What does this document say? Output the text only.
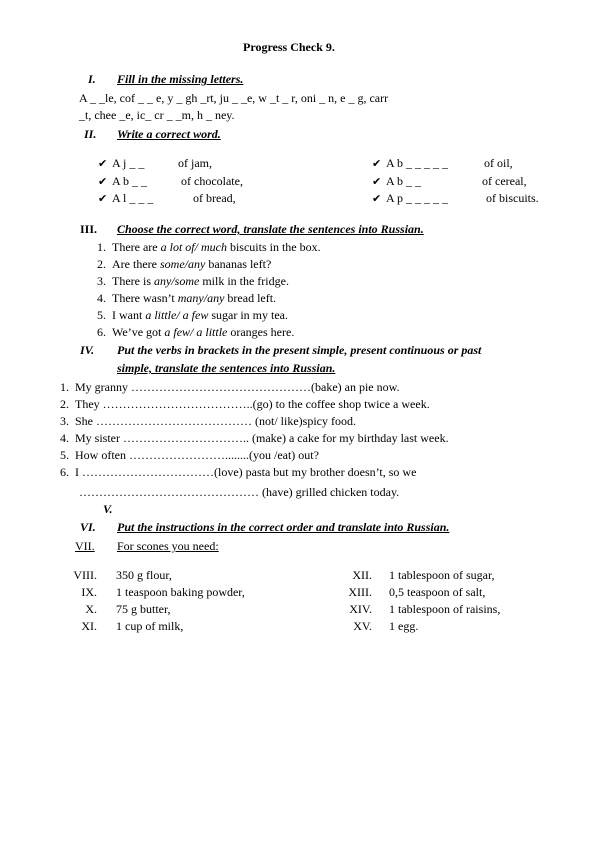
Progress Check 9.
I. Fill in the missing letters.
A _ _le, cof _ _ e, y _ gh _rt, ju _ _e, w _t _ r, oni _ n, e _ g, carr
_t, chee _e, ic_ cr _ _m, h _ ney.
II. Write a correct word.
✔ A j _ _	of jam,
✔ A b _ _	of chocolate,
✔ A l _ _ _	of bread,
✔ A b _ _ _ _ _	of oil,
✔ A b _ _	of cereal,
✔ A p _ _ _ _ _	of biscuits.
III. Choose the correct word, translate the sentences into Russian.
1. There are a lot of/ much biscuits in the box.
2. Are there some/any bananas left?
3. There is any/some milk in the fridge.
4. There wasn’t many/any bread left.
5. I want a little/ a few sugar in my tea.
6. We’ve got a few/ a little oranges here.
IV. Put the verbs in brackets in the present simple, present continuous or past
simple, translate the sentences into Russian.
1. My granny ………………………………………(bake) an pie now.
2. They ………………………………..(go) to the coffee shop twice a week.
3. She ………………………………… (not/ like)spicy food.
4. My sister ………………………….. (make) a cake for my birthday last week.
5. How often ……………………........(you /eat) out?
6. I ……………………………(love) pasta but my brother doesn’t, so we
……………………………………… (have) grilled chicken today.
V.
VI. Put the instructions in the correct order and translate into Russian.
VII. For scones you need:
VIII. 350 g flour,
IX. 1 teaspoon baking powder,
X. 75 g butter,
XI. 1 cup of milk,
XII. 1 tablespoon of sugar,
XIII. 0,5 teaspoon of salt,
XIV. 1 tablespoon of raisins,
XV. 1 egg.
